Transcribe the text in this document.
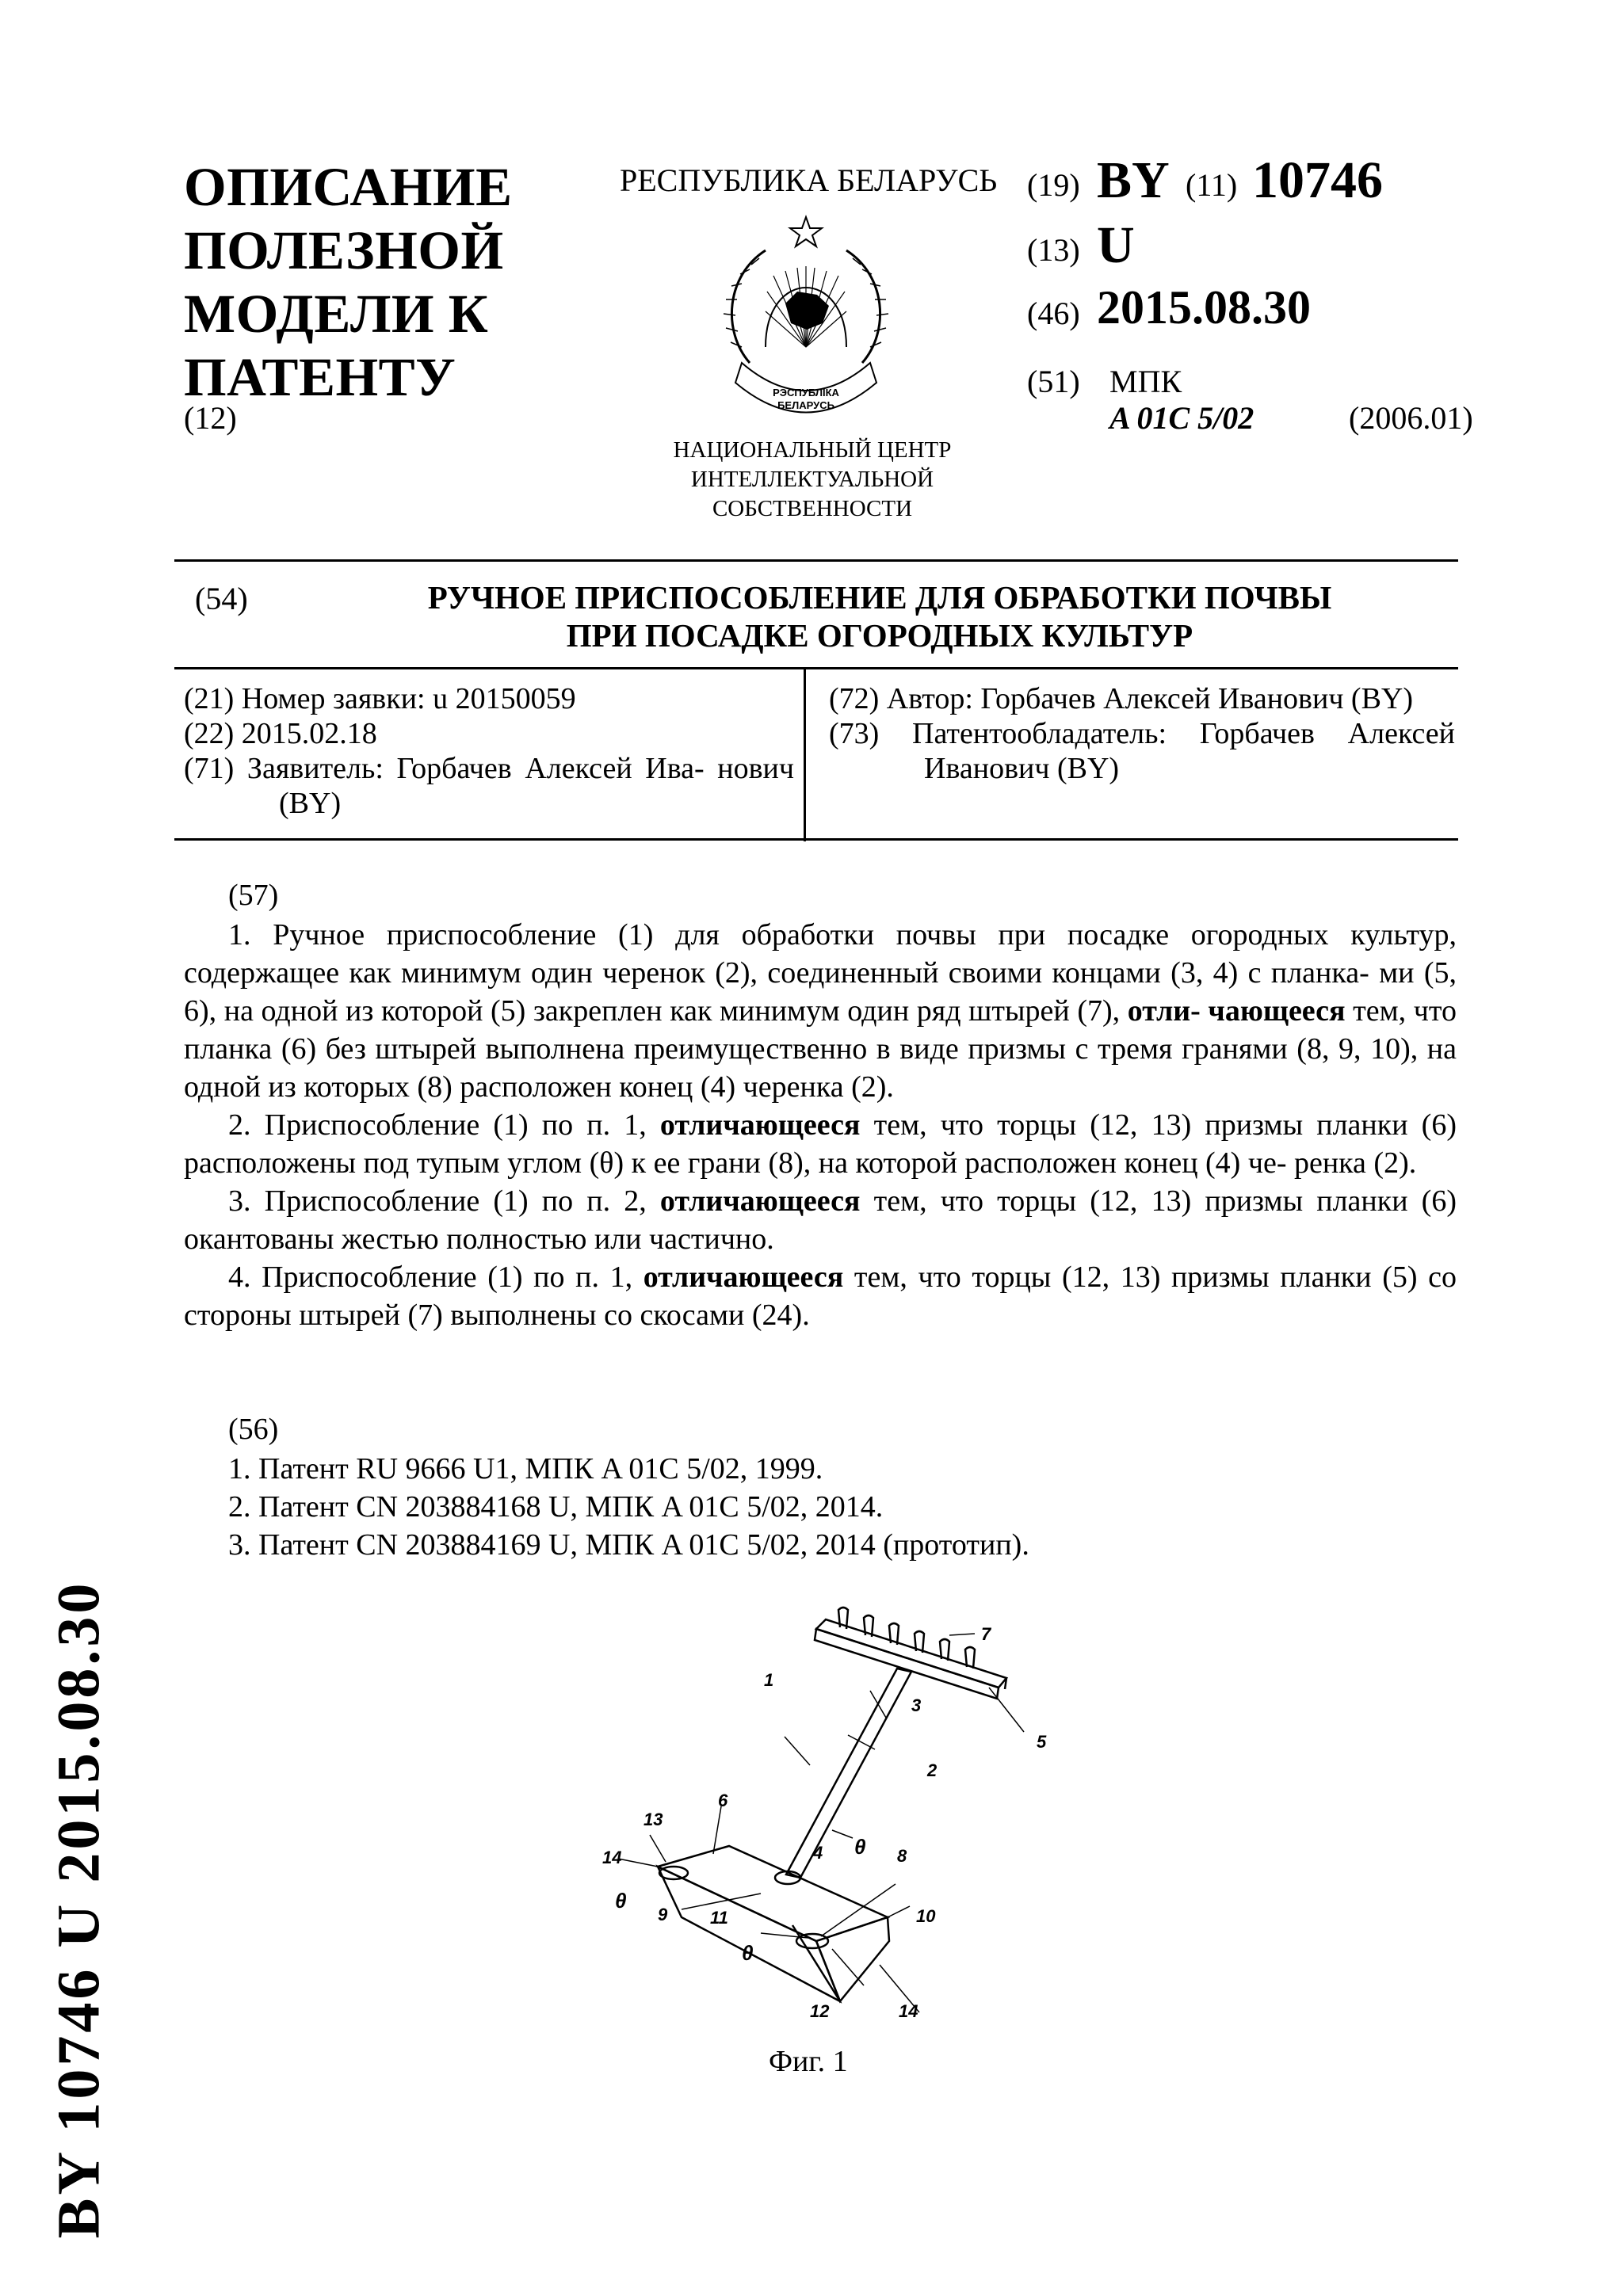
ОПИСАНИЕ
ПОЛЕЗНОЙ
МОДЕЛИ К
ПАТЕНТУ
(12)
РЕСПУБЛИКА БЕЛАРУСЬ
РЭСПУБЛІКА
БЕЛАРУСЬ
НАЦИОНАЛЬНЫЙ ЦЕНТР
ИНТЕЛЛЕКТУАЛЬНОЙ
СОБСТВЕННОСТИ
(19) BY (11) 10746
(13) U
(46) 2015.08.30
(51) МПК
A 01C 5/02	(2006.01)
(54)	РУЧНОЕ ПРИСПОСОБЛЕНИЕ ДЛЯ ОБРАБОТКИ ПОЧВЫ
ПРИ ПОСАДКЕ ОГОРОДНЫХ КУЛЬТУР
(21) Номер заявки: u 20150059
(22) 2015.02.18
(71) Заявитель: Горбачев Алексей Ива- нович (BY)
(72) Автор: Горбачев Алексей Иванович (BY)
(73) Патентообладатель: Горбачев Алексей Иванович (BY)
(57)

1. Ручное приспособление (1) для обработки почвы при посадке огородных культур, содержащее как минимум один черенок (2), соединенный своими концами (3, 4) с планка- ми (5, 6), на одной из которой (5) закреплен как минимум один ряд штырей (7), отли- чающееся тем, что планка (6) без штырей выполнена преимущественно в виде призмы с тремя гранями (8, 9, 10), на одной из которых (8) расположен конец (4) черенка (2).

2. Приспособление (1) по п. 1, отличающееся тем, что торцы (12, 13) призмы планки (6) расположены под тупым углом (θ) к ее грани (8), на которой расположен конец (4) че- ренка (2).

3. Приспособление (1) по п. 2, отличающееся тем, что торцы (12, 13) призмы планки (6) окантованы жестью полностью или частично.

4. Приспособление (1) по п. 1, отличающееся тем, что торцы (12, 13) призмы планки (5) со стороны штырей (7) выполнены со скосами (24).

(56)
1. Патент RU 9666 U1, МПК A 01C 5/02, 1999.
2. Патент CN 203884168 U, МПК A 01C 5/02, 2014.
3. Патент CN 203884169 U, МПК A 01C 5/02, 2014 (прототип).
7
1
3
5
2
6
13
4 θ 8
14
θ
9 11	10
θ
12	14
Фиг. 1
BY 10746 U 2015.08.30
